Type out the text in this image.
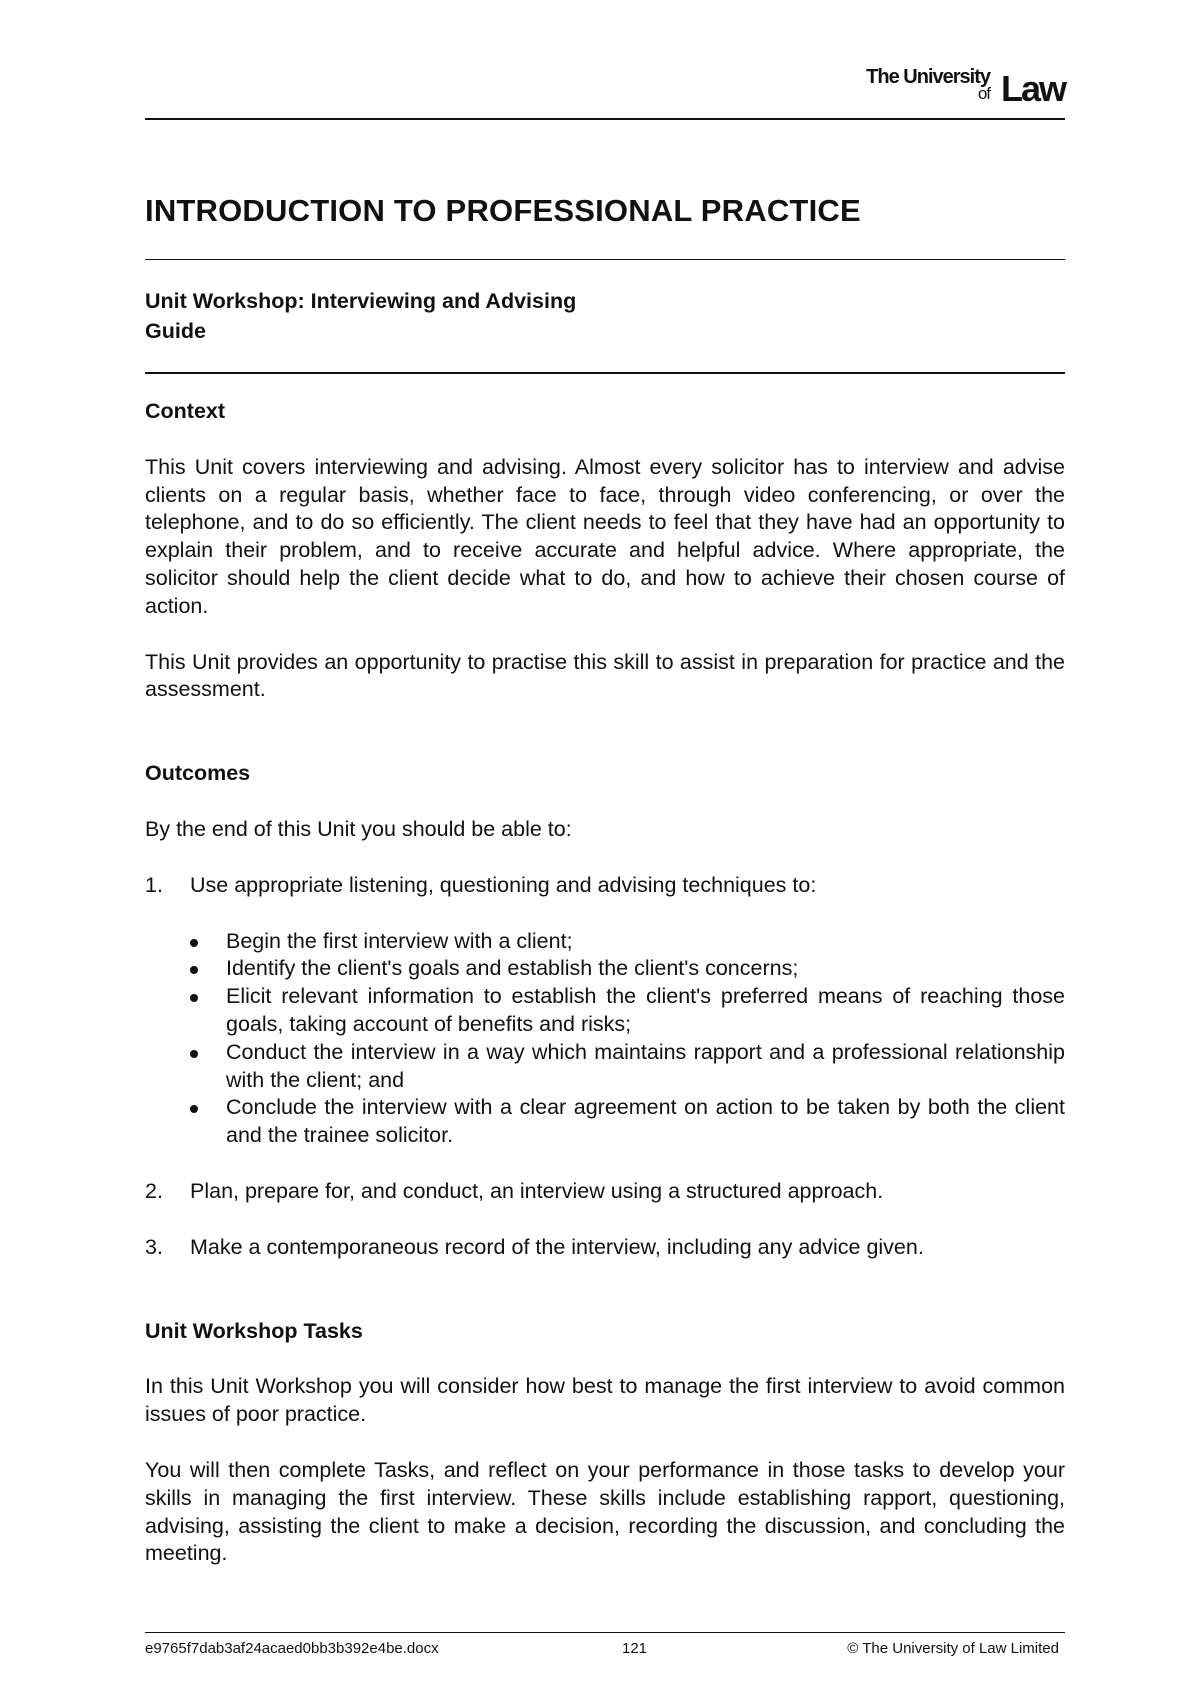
The University
of Law
INTRODUCTION TO PROFESSIONAL PRACTICE
Unit Workshop: Interviewing and Advising
Guide
Context

This Unit covers interviewing and advising. Almost every solicitor has to interview and advise clients on a regular basis, whether face to face, through video conferencing, or over the telephone, and to do so efficiently. The client needs to feel that they have had an opportunity to explain their problem, and to receive accurate and helpful advice. Where appropriate, the solicitor should help the client decide what to do, and how to achieve their chosen course of action.

This Unit provides an opportunity to practise this skill to assist in preparation for practice and the assessment.

Outcomes

By the end of this Unit you should be able to:

1. Use appropriate listening, questioning and advising techniques to:
Begin the first interview with a client;
Identify the client's goals and establish the client's concerns;
Elicit relevant information to establish the client's preferred means of reaching those goals, taking account of benefits and risks;
Conduct the interview in a way which maintains rapport and a professional relationship with the client; and
Conclude the interview with a clear agreement on action to be taken by both the client and the trainee solicitor.
2. Plan, prepare for, and conduct, an interview using a structured approach.
3. Make a contemporaneous record of the interview, including any advice given.
Unit Workshop Tasks

In this Unit Workshop you will consider how best to manage the first interview to avoid common issues of poor practice.

You will then complete Tasks, and reflect on your performance in those tasks to develop your skills in managing the first interview. These skills include establishing rapport, questioning, advising, assisting the client to make a decision, recording the discussion, and concluding the meeting.

e9765f7dab3af24acaed0bb3b392e4be.docx	121	© The University of Law Limited
